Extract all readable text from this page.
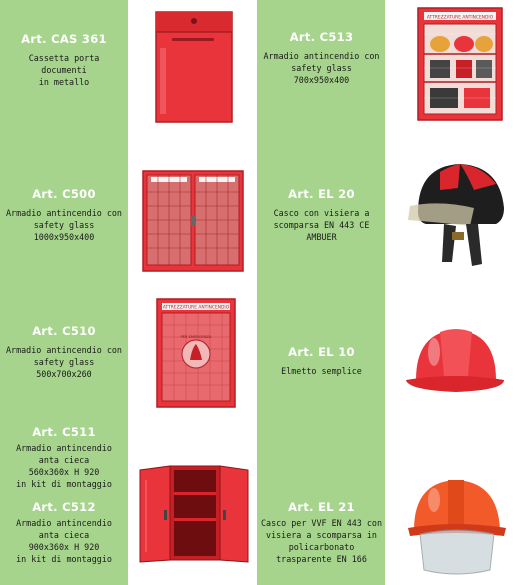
Art. CAS 361
Cassetta porta
documenti
in metallo
Art. C513
Armadio antincendio con
safety glass
700x950x400
Art. C500
Armadio antincendio con
safety glass
1000x950x400
Art. EL 20
Casco con visiera a
scomparsa EN 443 CE
AMBUER
Art. C510
Armadio antincendio con
safety glass
500x700x260
Art. EL 10
Elmetto semplice
Art. C511
Armadio antincendio
anta cieca
560x360x H 920
in kit di montaggio
Art. C512
Armadio antincendio
anta cieca
900x360x H 920
in kit di montaggio
Art. EL 21
Casco per VVF EN 443 con
visiera a scomparsa in
policarbonato
trasparente EN 166
ATTREZZATURE ANTINCENDIO
ATTREZZATURE ANTINCENDIO
PER EMERGENZA
